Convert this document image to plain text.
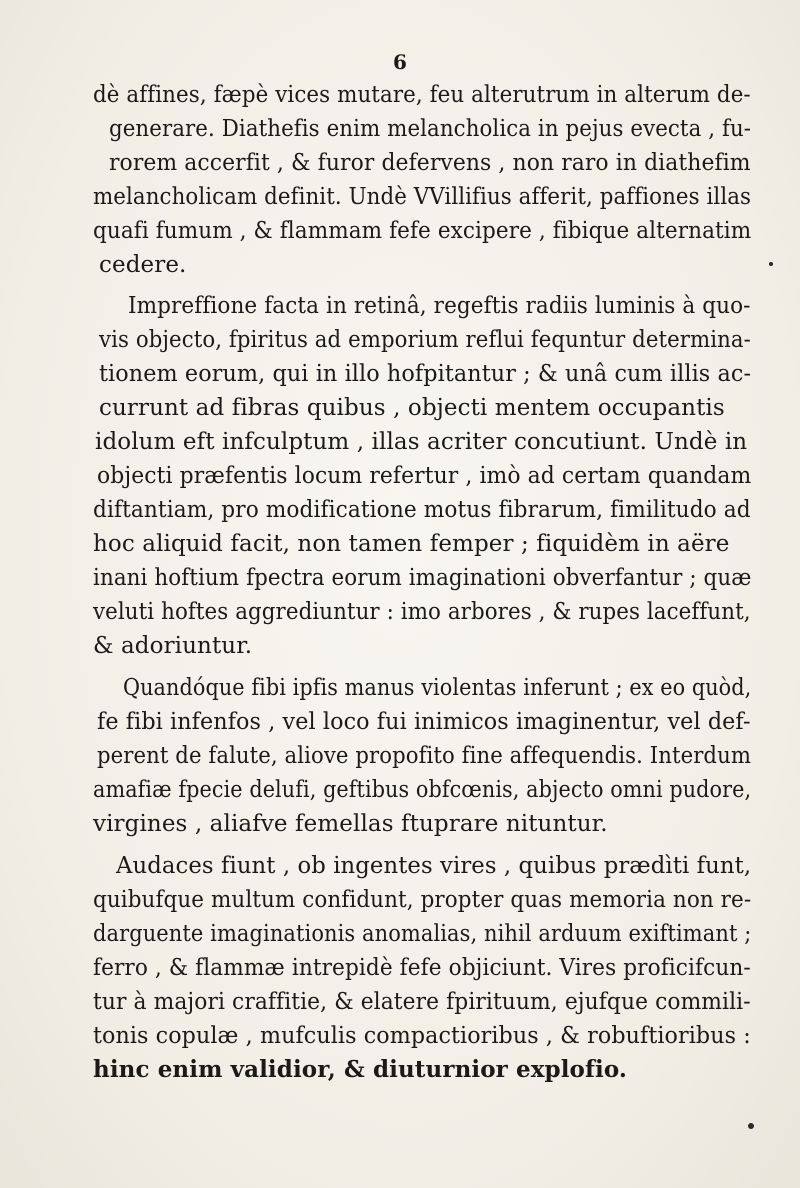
6
dè affines, fæpè vices mutare, feu alterutrum in alterum de-
generare. Diathefis enim melancholica in pejus evecta , fu-
rorem accerfit , & furor defervens , non raro in diathefim
melancholicam definit. Undè VVillifius afferit, paffiones illas
quafi fumum , & flammam fefe excipere , fibique alternatim
cedere.
Impreffione facta in retinâ, regeftis radiis luminis à quo-
vis objecto, fpiritus ad emporium reflui fequntur determina-
tionem eorum, qui in illo hofpitantur ; & unâ cum illis ac-
currunt ad fibras quibus , objecti mentem occupantis
idolum eft infculptum , illas acriter concutiunt. Undè in
objecti præfentis locum refertur , imò ad certam quandam
diftantiam, pro modificatione motus fibrarum, fimilitudo ad
hoc aliquid facit, non tamen femper ; fiquidèm in aëre
inani hoftium fpectra eorum imaginationi obverfantur ; quæ
veluti hoftes aggrediuntur : imo arbores , & rupes laceffunt,
& adoriuntur.
Quandóque fibi ipfis manus violentas inferunt ; ex eo quòd,
fe fibi infenfos , vel loco fui inimicos imaginentur, vel def-
perent de falute, aliove propofito fine affequendis. Interdum
amafiæ fpecie delufi, geftibus obfcœnis, abjecto omni pudore,
virgines , aliafve femellas ftuprare nituntur.
Audaces fiunt , ob ingentes vires , quibus prædìti funt,
quibufque multum confidunt, propter quas memoria non re-
darguente imaginationis anomalias, nihil arduum exiftimant ;
ferro , & flammæ intrepidè fefe objiciunt. Vires proficifcun-
tur à majori craffitie, & elatere fpirituum, ejufque commili-
tonis copulæ , mufculis compactioribus , & robuftioribus :
hinc enim validior, & diuturnior explofio.
